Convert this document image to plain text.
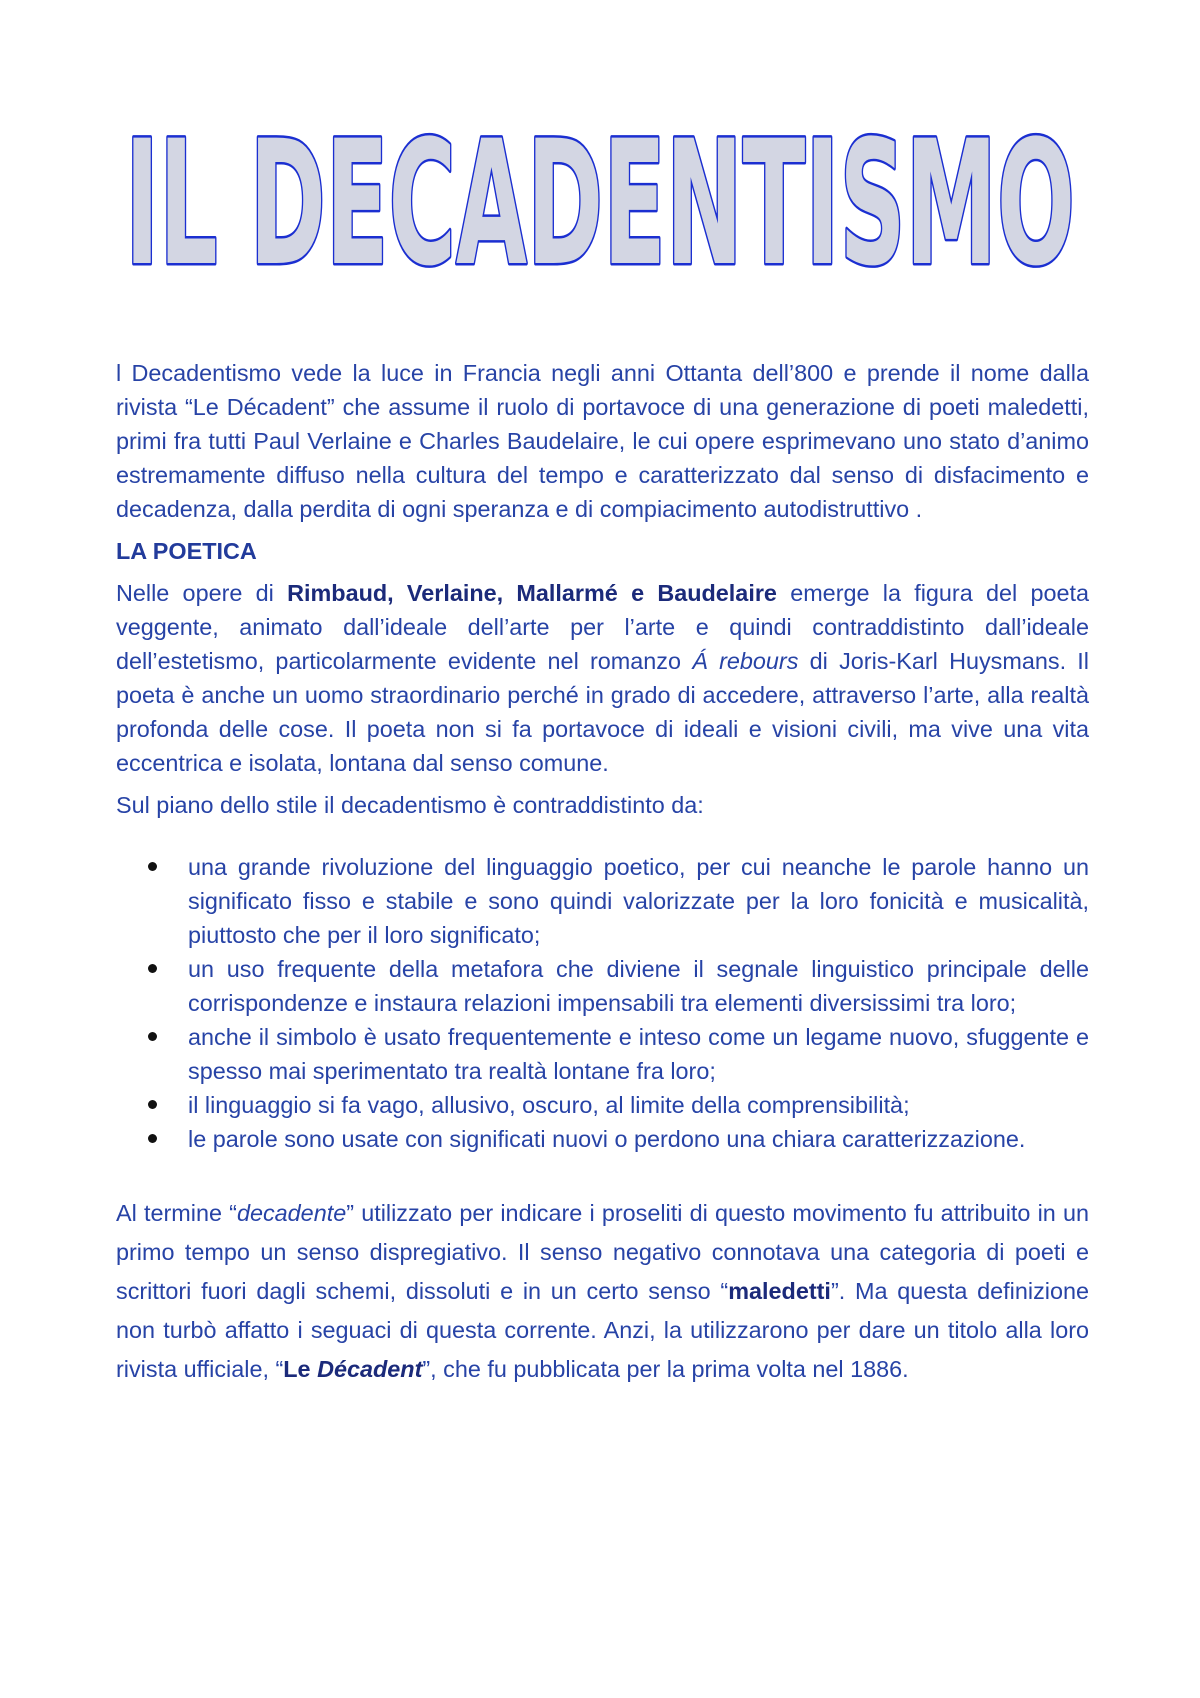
IL DECADENTISMO

l Decadentismo vede la luce in Francia negli anni Ottanta dell’800 e prende il nome dalla rivista “Le Décadent” che assume il ruolo di portavoce di una generazione di poeti maledetti, primi fra tutti Paul Verlaine e Charles Baudelaire, le cui opere esprimevano uno stato d’animo estremamente diffuso nella cultura del tempo e caratterizzato dal senso di disfacimento e decadenza, dalla perdita di ogni speranza e di compiacimento autodistruttivo .

LA POETICA

Nelle opere di Rimbaud, Verlaine, Mallarmé e Baudelaire emerge la figura del poeta veggente, animato dall’ideale dell’arte per l’arte e quindi contraddistinto dall’ideale dell’estetismo, particolarmente evidente nel romanzo Á rebours di Joris-Karl Huysmans. Il poeta è anche un uomo straordinario perché in grado di accedere, attraverso l’arte, alla realtà profonda delle cose. Il poeta non si fa portavoce di ideali e visioni civili, ma vive una vita eccentrica e isolata, lontana dal senso comune.

Sul piano dello stile il decadentismo è contraddistinto da:

una grande rivoluzione del linguaggio poetico, per cui neanche le parole hanno un significato fisso e stabile e sono quindi valorizzate per la loro fonicità e musicalità, piuttosto che per il loro significato;
un uso frequente della metafora che diviene il segnale linguistico principale delle corrispondenze e instaura relazioni impensabili tra elementi diversissimi tra loro;
anche il simbolo è usato frequentemente e inteso come un legame nuovo, sfuggente e spesso mai sperimentato tra realtà lontane fra loro;
il linguaggio si fa vago, allusivo, oscuro, al limite della comprensibilità;
le parole sono usate con significati nuovi o perdono una chiara caratterizzazione.

Al termine “decadente” utilizzato per indicare i proseliti di questo movimento fu attribuito in un primo tempo un senso dispregiativo. Il senso negativo connotava una categoria di poeti e scrittori fuori dagli schemi, dissoluti e in un certo senso “maledetti”. Ma questa definizione non turbò affatto i seguaci di questa corrente. Anzi, la utilizzarono per dare un titolo alla loro rivista ufficiale, “Le Décadent”, che fu pubblicata per la prima volta nel 1886.
